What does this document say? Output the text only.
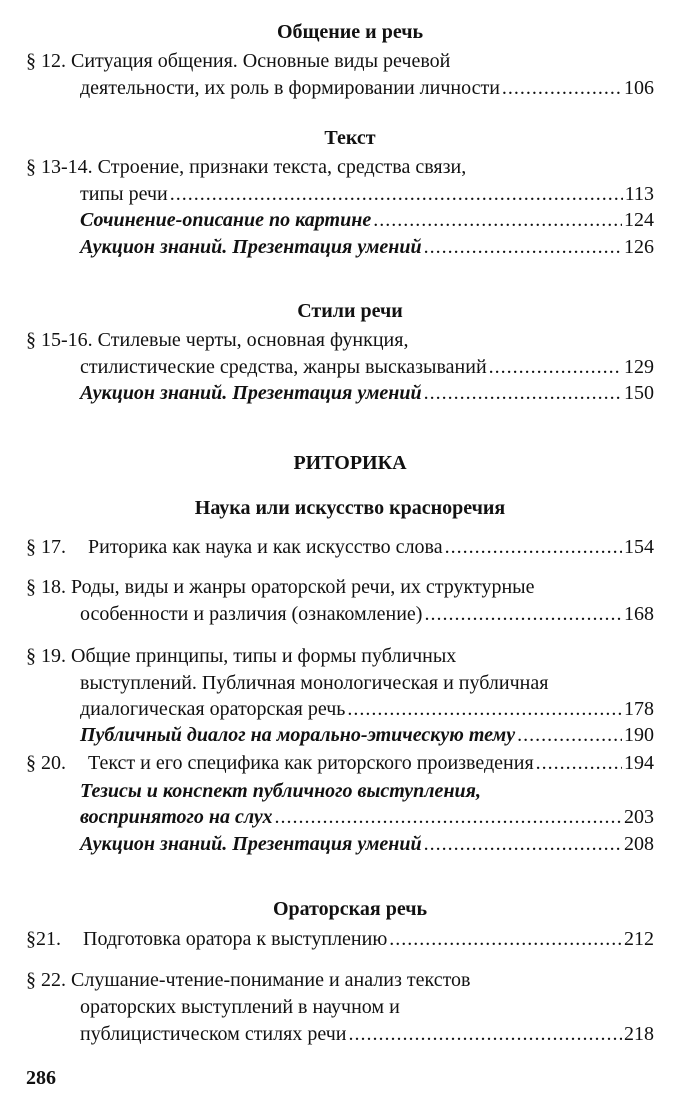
Общение и речь
§ 12. Ситуация общения. Основные виды речевой
деятельности, их роль в формировании личности .....	106
Текст
§ 13-14. Строение, признаки текста, средства связи,
типы речи .....	113
Сочинение-описание по картине .....	124
Аукцион знаний. Презентация умений .....	126
Стили речи
§ 15-16. Стилевые черты, основная функция,
стилистические средства, жанры высказываний .....	129
Аукцион знаний. Презентация умений .....	150
РИТОРИКА
Наука или искусство красноречия
§ 17. Риторика как наука и как искусство слова .....	154
§ 18. Роды, виды и жанры ораторской речи, их структурные
особенности и различия (ознакомление) .....	168
§ 19. Общие принципы, типы и формы публичных
выступлений. Публичная монологическая и публичная
диалогическая ораторская речь .....	178
Публичный диалог на морально-этическую тему .....	190
§ 20. Текст и его специфика как риторского произведения .....	194
Тезисы и конспект публичного выступления,
воспринятого на слух .....	203
Аукцион знаний. Презентация умений .....	208
Ораторская речь
§21. Подготовка оратора к выступлению .....	212
§ 22. Слушание-чтение-понимание и анализ текстов
ораторских выступлений в научном и
публицистическом стилях речи .....	218
286
